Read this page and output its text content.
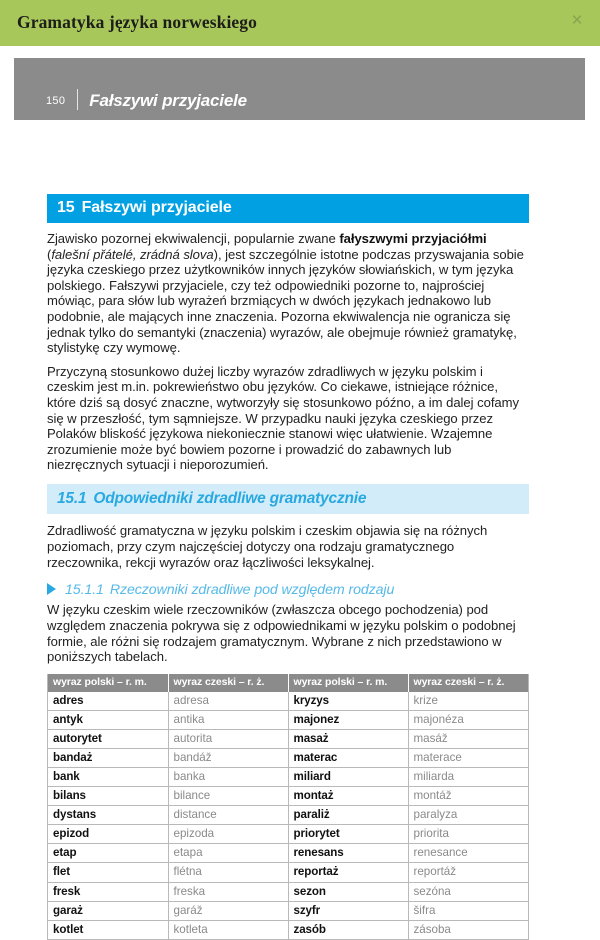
Gramatyka języka norweskiego	✕
150 Fałszywi przyjaciele
15 Fałszywi przyjaciele

Zjawisko pozornej ekwiwalencji, popularnie zwane fałyszwymi przyjaciółmi (falešní přátelé, zrádná slova), jest szczególnie istotne podczas przyswajania sobie języka czeskiego przez użytkowników innych języków słowiańskich, w tym języka polskiego. Fałszywi przyjaciele, czy też odpowiedniki pozorne to, najprościej mówiąc, para słów lub wyrażeń brzmiących w dwóch językach jednakowo lub podobnie, ale mających inne znaczenia. Pozorna ekwiwalencja nie ogranicza się jednak tylko do semantyki (znaczenia) wyrazów, ale obejmuje również gramatykę, stylistykę czy wymowę.

Przyczyną stosunkowo dużej liczby wyrazów zdradliwych w języku polskim i czeskim jest m.in. pokrewieństwo obu języków. Co ciekawe, istniejące różnice, które dziś są dosyć znaczne, wytworzyły się stosunkowo późno, a im dalej cofamy się w przeszłość, tym sąmniejsze. W przypadku nauki języka czeskiego przez Polaków bliskość językowa niekoniecznie stanowi więc ułatwienie. Wzajemne zrozumienie może być bowiem pozorne i prowadzić do zabawnych lub niezręcznych sytuacji i nieporozumień.

15.1 Odpowiedniki zdradliwe gramatycznie

Zdradliwość gramatyczna w języku polskim i czeskim objawia się na różnych poziomach, przy czym najczęściej dotyczy ona rodzaju gramatycznego rzeczownika, rekcji wyrazów oraz łączliwości leksykalnej.

15.1.1 Rzeczowniki zdradliwe pod względem rodzaju

W języku czeskim wiele rzeczowników (zwłaszcza obcego pochodzenia) pod względem znaczenia pokrywa się z odpowiednikami w języku polskim o podobnej formie, ale różni się rodzajem gramatycznym. Wybrane z nich przedstawiono w poniższych tabelach.

wyraz polski – r. m.	wyraz czeski – r. ż.	wyraz polski – r. m.	wyraz czeski – r. ż.
adres	adresa	kryzys	krize
antyk	antika	majonez	majonéza
autorytet	autorita	masaż	masáž
bandaż	bandáž	materac	materace
bank	banka	miliard	miliarda
bilans	bilance	montaż	montáž
dystans	distance	paraliż	paralyza
epizod	epizoda	priorytet	priorita
etap	etapa	renesans	renesance
flet	flétna	reportaż	reportáž
fresk	freska	sezon	sezóna
garaż	garáž	szyfr	šifra
kotlet	kotleta	zasób	zásoba
